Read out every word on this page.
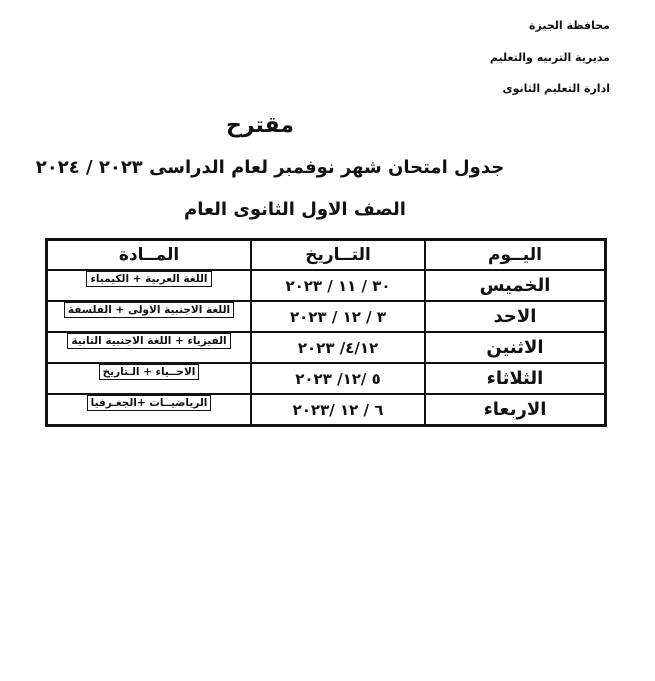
محافظة الجيزة
مديرية التربيه والتعليم
ادارة التعليم الثانوى
مقترح
جدول امتحان شهر نوفمبر لعام الدراسى ٢٠٢٣ / ٢٠٢٤
الصف الاول الثانوى العام
اليــوم	التــاريخ	المــادة
الخميس	٣٠ / ١١ / ٢٠٢٣	اللغة العربية + الكيمياء
الاحد	٣ / ١٢ / ٢٠٢٣	اللغة الاجنبية الاولى + الفلسفة
الاثنين	٤/١٢/ ٢٠٢٣	الفيزياء + اللغة الاجنبية الثانية
الثلاثاء	٥ /١٢/ ٢٠٢٣	الاحــياء + الـتاريخ
الاربعاء	٦ / ١٢ /٢٠٢٣	الرياضيــات +الجغـرفيا
